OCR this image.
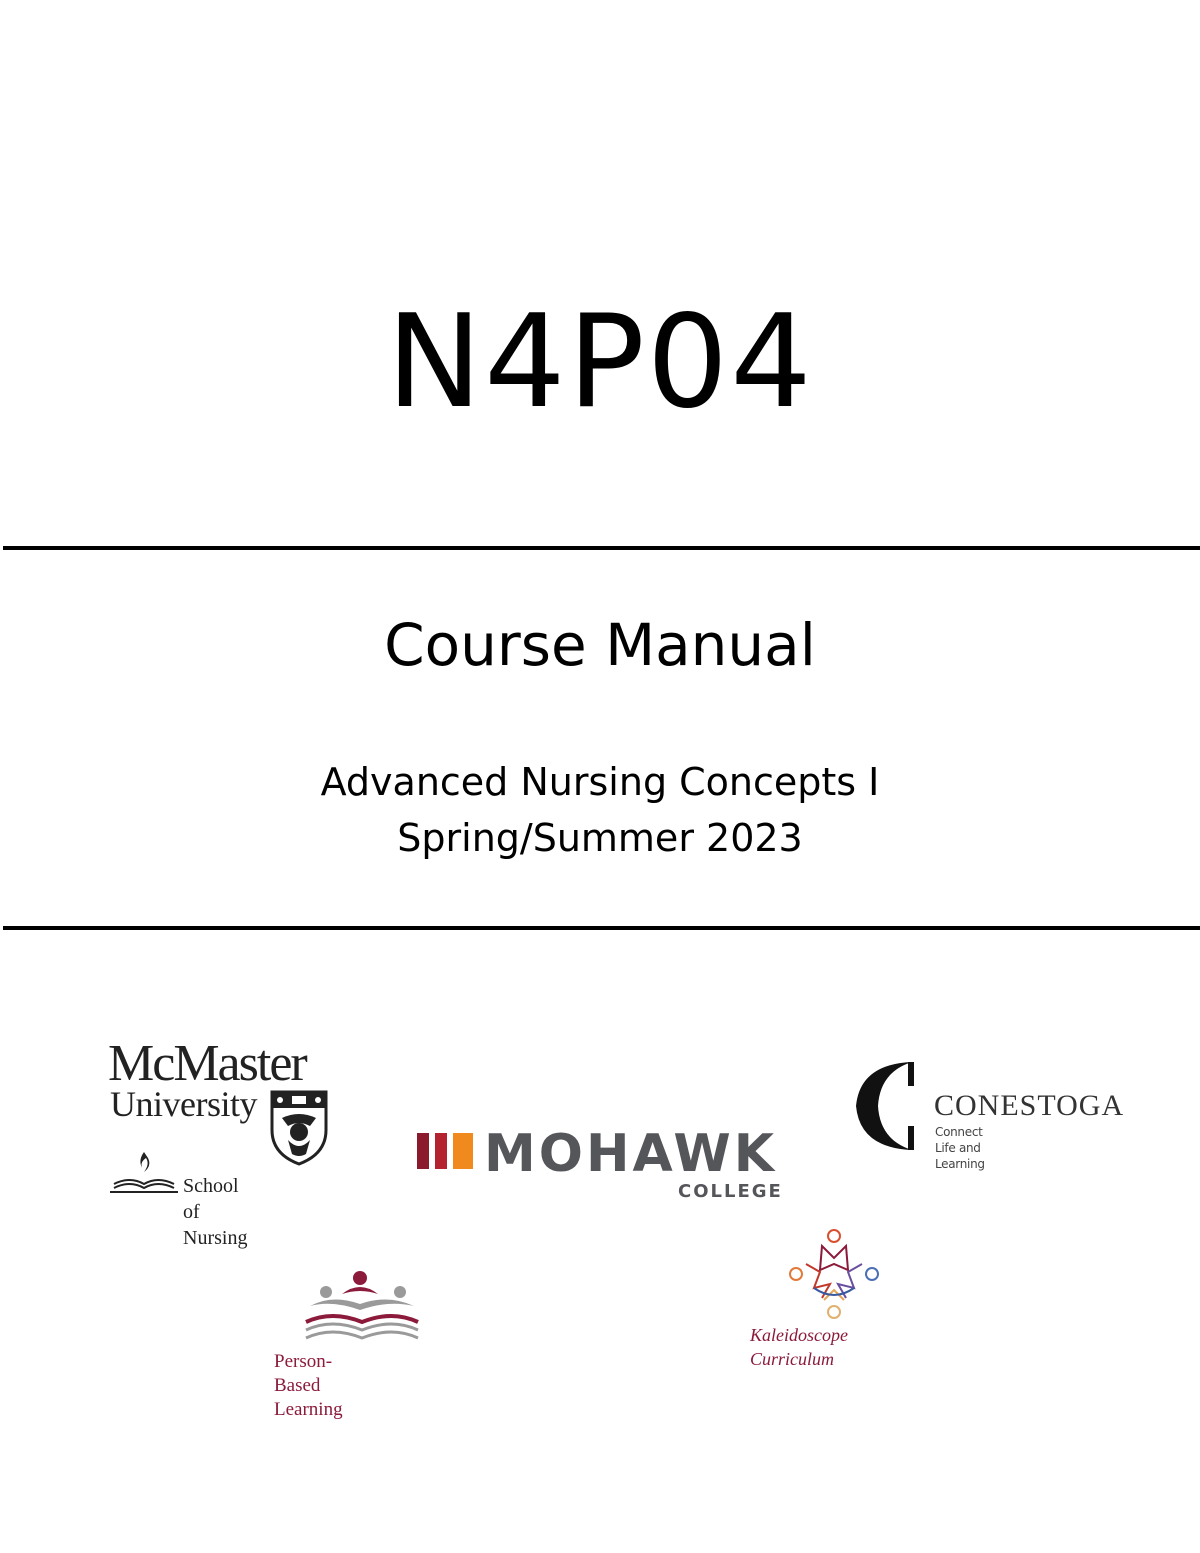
N4P04
Course Manual
Advanced Nursing Concepts I
Spring/Summer 2023
McMaster
University
School of Nursing
MOHAWK
COLLEGE
CONESTOGA
Connect Life and Learning
Person-Based Learning
Kaleidoscope Curriculum
